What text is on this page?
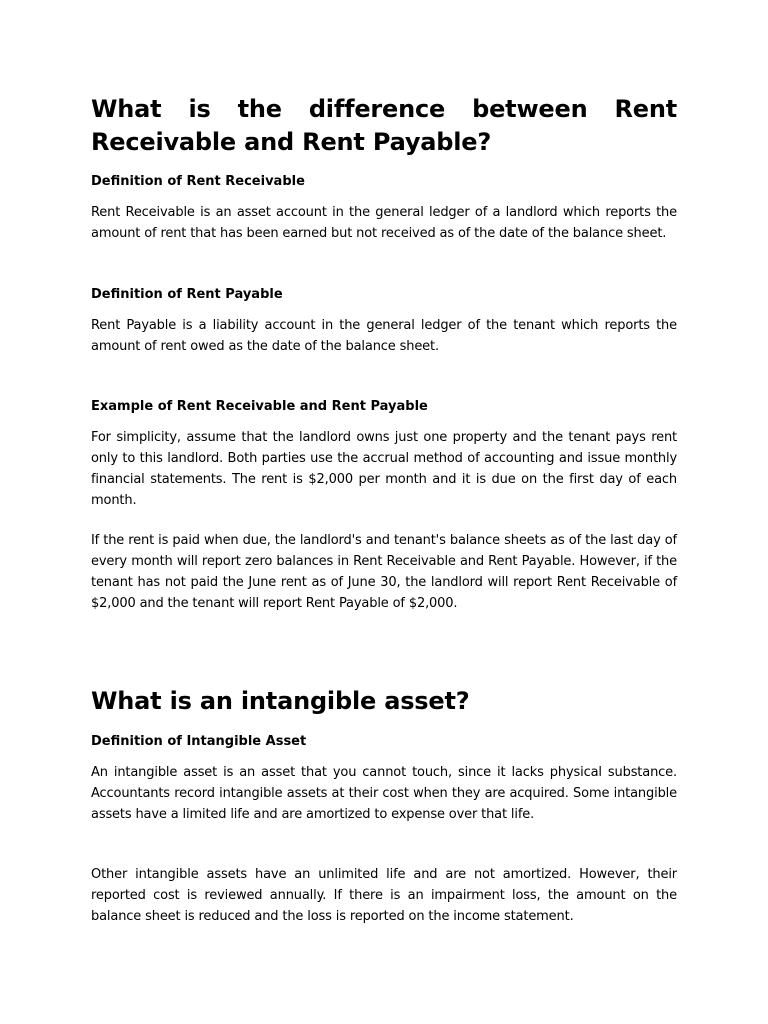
What is the difference between Rent Receivable and Rent Payable?
Definition of Rent Receivable

Rent Receivable is an asset account in the general ledger of a landlord which reports the amount of rent that has been earned but not received as of the date of the balance sheet.

Definition of Rent Payable

Rent Payable is a liability account in the general ledger of the tenant which reports the amount of rent owed as the date of the balance sheet.

Example of Rent Receivable and Rent Payable

For simplicity, assume that the landlord owns just one property and the tenant pays rent only to this landlord. Both parties use the accrual method of accounting and issue monthly financial statements. The rent is $2,000 per month and it is due on the first day of each month.

If the rent is paid when due, the landlord's and tenant's balance sheets as of the last day of every month will report zero balances in Rent Receivable and Rent Payable. However, if the tenant has not paid the June rent as of June 30, the landlord will report Rent Receivable of $2,000 and the tenant will report Rent Payable of $2,000.

What is an intangible asset?
Definition of Intangible Asset

An intangible asset is an asset that you cannot touch, since it lacks physical substance. Accountants record intangible assets at their cost when they are acquired. Some intangible assets have a limited life and are amortized to expense over that life.

Other intangible assets have an unlimited life and are not amortized. However, their reported cost is reviewed annually. If there is an impairment loss, the amount on the balance sheet is reduced and the loss is reported on the income statement.
